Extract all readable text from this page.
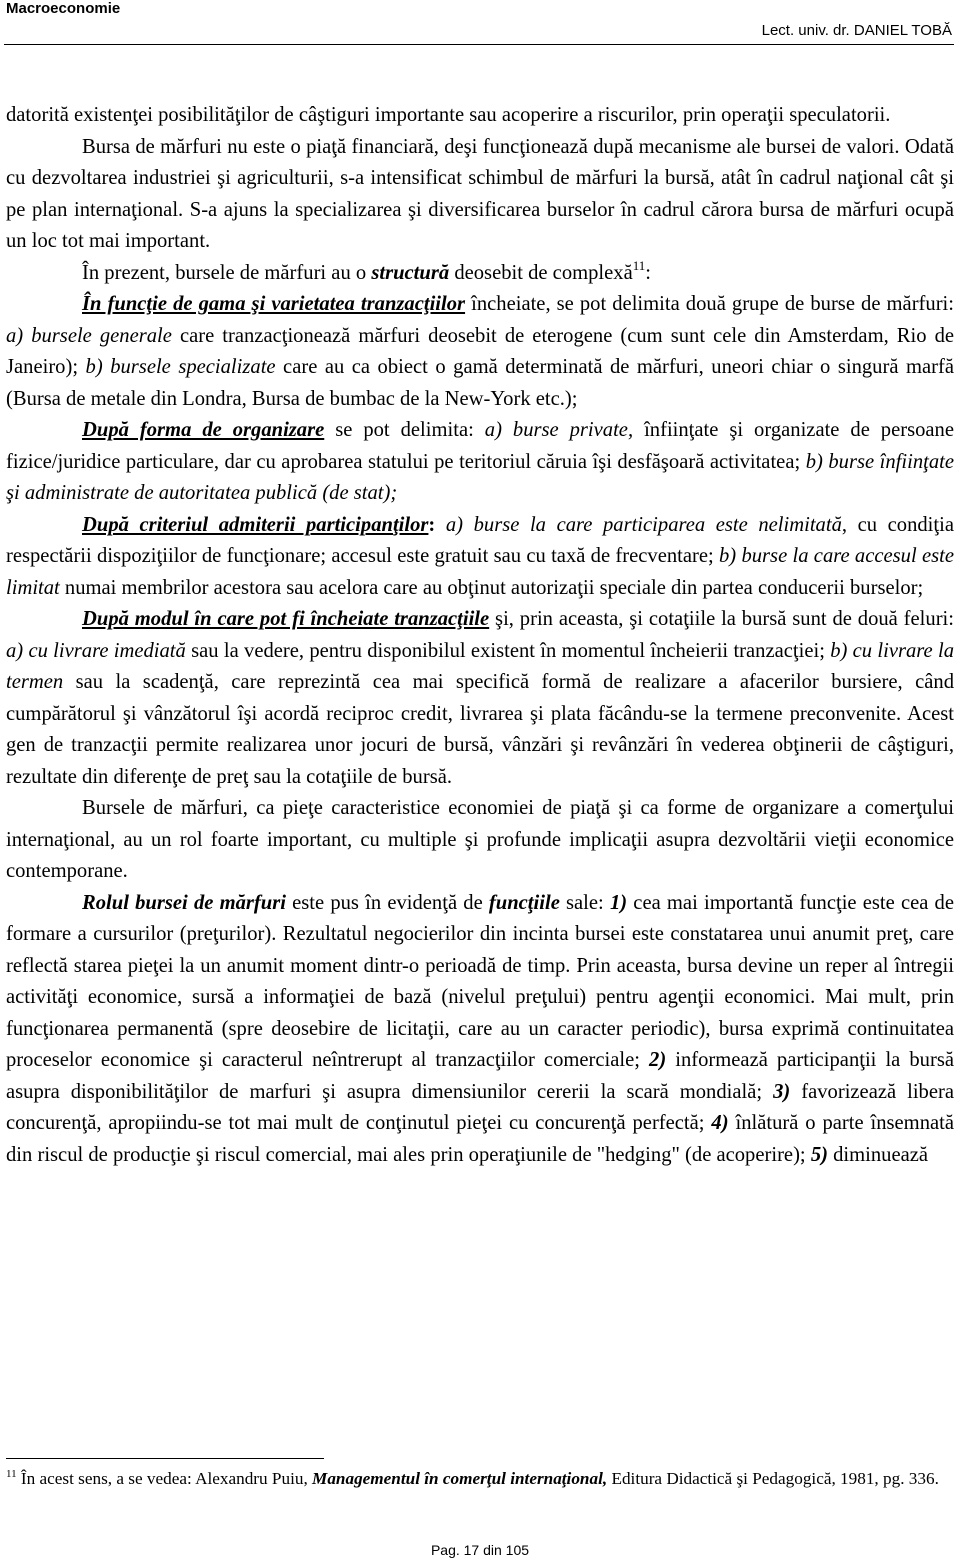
Macroeconomie
Lect. univ. dr. DANIEL TOBĂ

datorită existenţei posibilităţilor de câştiguri importante sau acoperire a riscurilor, prin operaţii speculatorii.

Bursa de mărfuri nu este o piaţă financiară, deşi funcţionează după mecanisme ale bursei de valori. Odată cu dezvoltarea industriei şi agriculturii, s-a intensificat schimbul de mărfuri la bursă, atât în cadrul naţional cât şi pe plan internaţional. S-a ajuns la specializarea şi diversificarea burselor în cadrul cărora bursa de mărfuri ocupă un loc tot mai important.

În prezent, bursele de mărfuri au o structură deosebit de complexă$^{11}$:

În funcţie de gama şi varietatea tranzacţiilor încheiate, se pot delimita două grupe de burse de mărfuri: a) bursele generale care tranzacţionează mărfuri deosebit de eterogene (cum sunt cele din Amsterdam, Rio de Janeiro); b) bursele specializate care au ca obiect o gamă determinată de mărfuri, uneori chiar o singură marfă (Bursa de metale din Londra, Bursa de bumbac de la New-York etc.);

După forma de organizare se pot delimita: a) burse private, înfiinţate şi organizate de persoane fizice/juridice particulare, dar cu aprobarea statului pe teritoriul căruia îşi desfăşoară activitatea; b) burse înfiinţate şi administrate de autoritatea publică (de stat);

După criteriul admiterii participanţilor: a) burse la care participarea este nelimitată, cu condiţia respectării dispoziţiilor de funcţionare; accesul este gratuit sau cu taxă de frecventare; b) burse la care accesul este limitat numai membrilor acestora sau acelora care au obţinut autorizaţii speciale din partea conducerii burselor;

După modul în care pot fi încheiate tranzacţiile şi, prin aceasta, şi cotaţiile la bursă sunt de două feluri: a) cu livrare imediată sau la vedere, pentru disponibilul existent în momentul încheierii tranzacţiei; b) cu livrare la termen sau la scadenţă, care reprezintă cea mai specifică formă de realizare a afacerilor bursiere, când cumpărătorul şi vânzătorul îşi acordă reciproc credit, livrarea şi plata făcându-se la termene preconvenite. Acest gen de tranzacţii permite realizarea unor jocuri de bursă, vânzări şi revânzări în vederea obţinerii de câştiguri, rezultate din diferenţe de preţ sau la cotaţiile de bursă.

Bursele de mărfuri, ca pieţe caracteristice economiei de piaţă şi ca forme de organizare a comerţului internaţional, au un rol foarte important, cu multiple şi profunde implicaţii asupra dezvoltării vieţii economice contemporane.

Rolul bursei de mărfuri este pus în evidenţă de funcţiile sale: 1) cea mai importantă funcţie este cea de formare a cursurilor (preţurilor). Rezultatul negocierilor din incinta bursei este constatarea unui anumit preţ, care reflectă starea pieţei la un anumit moment dintr-o perioadă de timp. Prin aceasta, bursa devine un reper al întregii activităţi economice, sursă a informaţiei de bază (nivelul preţului) pentru agenţii economici. Mai mult, prin funcţionarea permanentă (spre deosebire de licitaţii, care au un caracter periodic), bursa exprimă continuitatea proceselor economice şi caracterul neîntrerupt al tranzacţiilor comerciale; 2) informează participanţii la bursă asupra disponibilităţilor de marfuri şi asupra dimensiunilor cererii la scară mondială; 3) favorizează libera concurenţă, apropiindu-se tot mai mult de conţinutul pieţei cu concurenţă perfectă; 4) înlătură o parte însemnată din riscul de producţie şi riscul comercial, mai ales prin operaţiunile de "hedging" (de acoperire); 5) diminuează

$^{11}$ În acest sens, a se vedea: Alexandru Puiu, Managementul în comerţul internaţional, Editura Didactică şi Pedagogică, 1981, pg. 336.
Pag. 17 din 105
